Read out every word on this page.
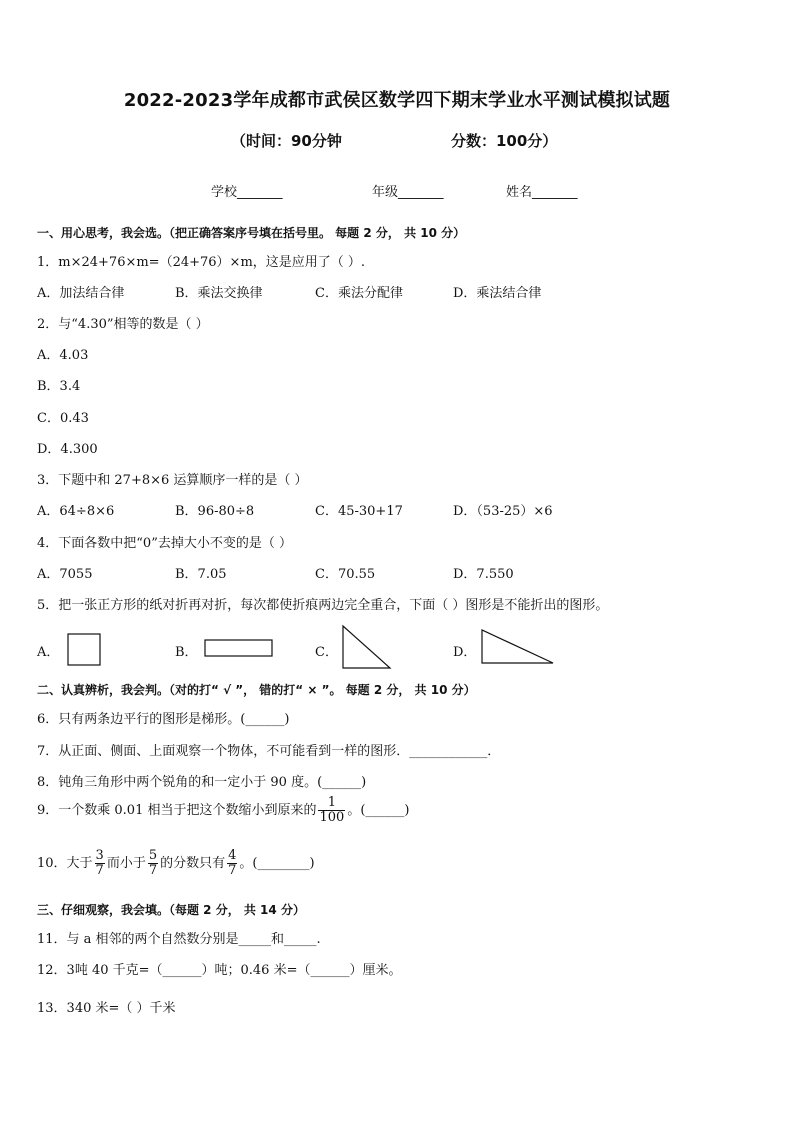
2022-2023学年成都市武侯区数学四下期末学业水平测试模拟试题
（时间：90分钟	分数：100分）
学校_______	年级_______	姓名_______
一、用心思考，我会选。（把正确答案序号填在括号里。 每题 2 分， 共 10 分）
1．m×24+76×m=（24+76）×m，这是应用了（ ）.
A．加法结合律	B．乘法交换律	C．乘法分配律	D．乘法结合律
2．与“4.30”相等的数是（ ）
A．4.03
B．3.4
C．0.43
D．4.300
3．下题中和 27+8×6 运算顺序一样的是（ ）
A．64÷8×6	B．96-80÷8	C．45-30+17	D．（53-25）×6
4．下面各数中把“0”去掉大小不变的是（ ）
A．7055	B．7.05	C．70.55	D．7.550
5．把一张正方形的纸对折再对折，每次都使折痕两边完全重合，下面（ ）图形是不能折出的图形。
A．	B．	C．	D．
二、认真辨析，我会判。（对的打“ √ ”， 错的打“ × ”。 每题 2 分， 共 10 分）
6．只有两条边平行的图形是梯形。(______)
7．从正面、侧面、上面观察一个物体，不可能看到一样的图形．____________．
8．钝角三角形中两个锐角的和一定小于 90 度。(______)
9．一个数乘 0.01 相当于把这个数缩小到原来的 $\frac{1}{100}$ 。(______)
10．大于 $\frac{3}{7}$ 而小于 $\frac{5}{7}$ 的分数只有 $\frac{4}{7}$ 。(________)
三、仔细观察，我会填。（每题 2 分， 共 14 分）
11．与 a 相邻的两个自然数分别是_____和_____.
12．3吨 40 千克=（______）吨；0.46 米=（______）厘米。
13．340 米=（ ）千米
